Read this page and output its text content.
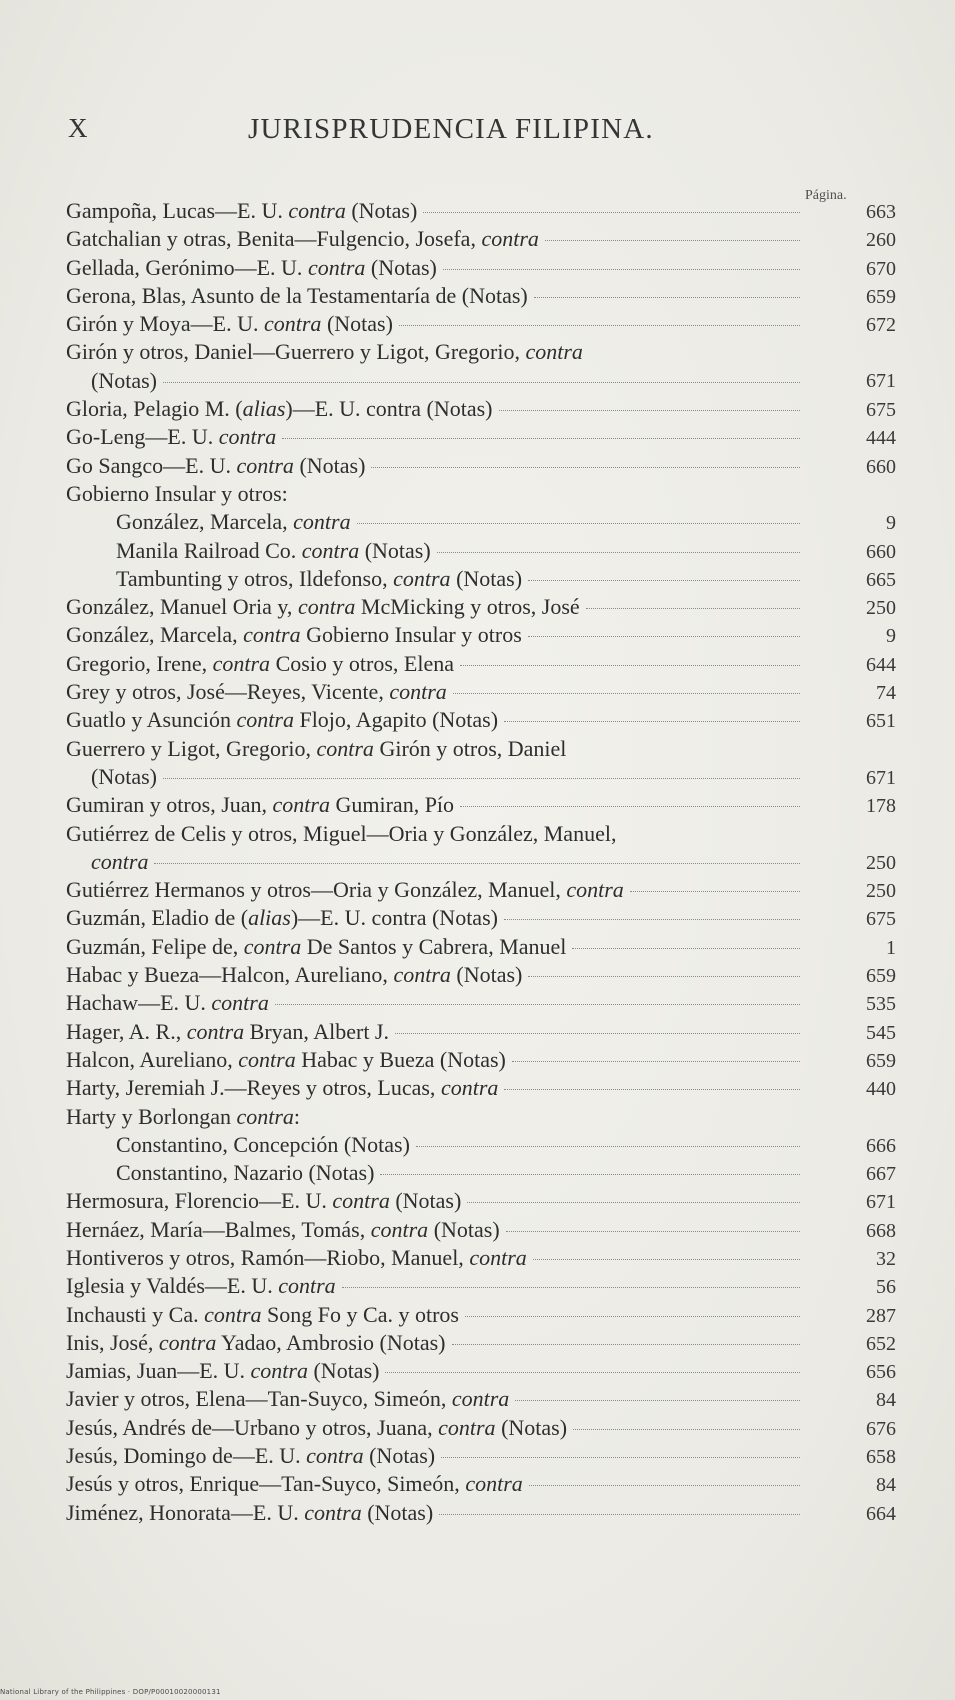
X	JURISPRUDENCIA FILIPINA.
Página.
Gampoña, Lucas—E. U. contra (Notas)	663
Gatchalian y otras, Benita—Fulgencio, Josefa, contra	260
Gellada, Gerónimo—E. U. contra (Notas)	670
Gerona, Blas, Asunto de la Testamentaría de (Notas)	659
Girón y Moya—E. U. contra (Notas)	672
Girón y otros, Daniel—Guerrero y Ligot, Gregorio, contra
(Notas)	671
Gloria, Pelagio M. (alias)—E. U. contra (Notas)	675
Go-Leng—E. U. contra	444
Go Sangco—E. U. contra (Notas)	660
Gobierno Insular y otros:
González, Marcela, contra	9
Manila Railroad Co. contra (Notas)	660
Tambunting y otros, Ildefonso, contra (Notas)	665
González, Manuel Oria y, contra McMicking y otros, José	250
González, Marcela, contra Gobierno Insular y otros	9
Gregorio, Irene, contra Cosio y otros, Elena	644
Grey y otros, José—Reyes, Vicente, contra	74
Guatlo y Asunción contra Flojo, Agapito (Notas)	651
Guerrero y Ligot, Gregorio, contra Girón y otros, Daniel
(Notas)	671
Gumiran y otros, Juan, contra Gumiran, Pío	178
Gutiérrez de Celis y otros, Miguel—Oria y González, Manuel,
contra	250
Gutiérrez Hermanos y otros—Oria y González, Manuel, contra	250
Guzmán, Eladio de (alias)—E. U. contra (Notas)	675
Guzmán, Felipe de, contra De Santos y Cabrera, Manuel	1
Habac y Bueza—Halcon, Aureliano, contra (Notas)	659
Hachaw—E. U. contra	535
Hager, A. R., contra Bryan, Albert J.	545
Halcon, Aureliano, contra Habac y Bueza (Notas)	659
Harty, Jeremiah J.—Reyes y otros, Lucas, contra	440
Harty y Borlongan contra:
Constantino, Concepción (Notas)	666
Constantino, Nazario (Notas)	667
Hermosura, Florencio—E. U. contra (Notas)	671
Hernáez, María—Balmes, Tomás, contra (Notas)	668
Hontiveros y otros, Ramón—Riobo, Manuel, contra	32
Iglesia y Valdés—E. U. contra	56
Inchausti y Ca. contra Song Fo y Ca. y otros	287
Inis, José, contra Yadao, Ambrosio (Notas)	652
Jamias, Juan—E. U. contra (Notas)	656
Javier y otros, Elena—Tan-Suyco, Simeón, contra	84
Jesús, Andrés de—Urbano y otros, Juana, contra (Notas)	676
Jesús, Domingo de—E. U. contra (Notas)	658
Jesús y otros, Enrique—Tan-Suyco, Simeón, contra	84
Jiménez, Honorata—E. U. contra (Notas)	664
National Library of the Philippines · DOP/P00010020000131
